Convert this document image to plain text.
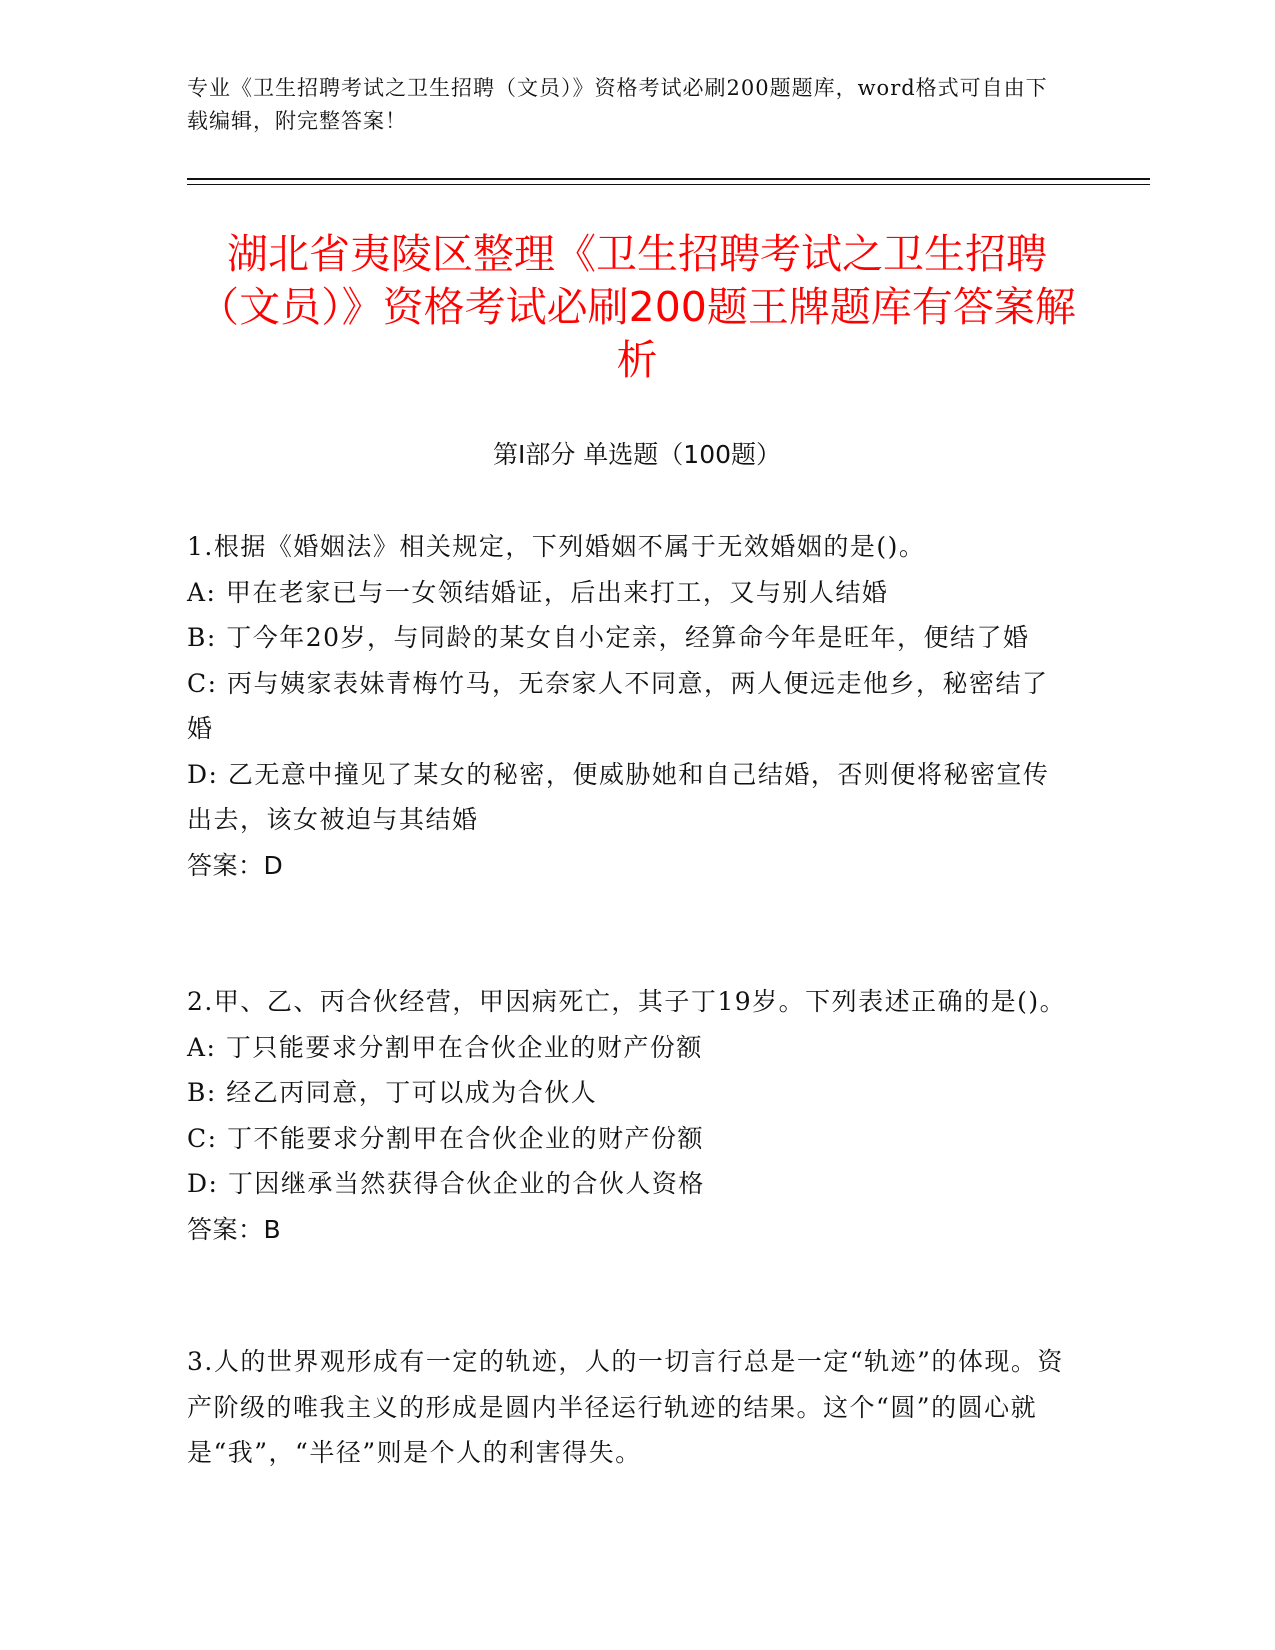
专业《卫生招聘考试之卫生招聘（文员）》资格考试必刷200题题库，word格式可自由下载编辑，附完整答案！
湖北省夷陵区整理《卫生招聘考试之卫生招聘（文员）》资格考试必刷200题王牌题库有答案解析
第Ⅰ部分 单选题（100题）

1.根据《婚姻法》相关规定，下列婚姻不属于无效婚姻的是()。

A: 甲在老家已与一女领结婚证，后出来打工，又与别人结婚

B: 丁今年20岁，与同龄的某女自小定亲，经算命今年是旺年，便结了婚

C: 丙与姨家表妹青梅竹马，无奈家人不同意，两人便远走他乡，秘密结了婚

D: 乙无意中撞见了某女的秘密，便威胁她和自己结婚，否则便将秘密宣传出去，该女被迫与其结婚

答案：D

2.甲、乙、丙合伙经营，甲因病死亡，其子丁19岁。下列表述正确的是()。

A: 丁只能要求分割甲在合伙企业的财产份额

B: 经乙丙同意，丁可以成为合伙人

C: 丁不能要求分割甲在合伙企业的财产份额

D: 丁因继承当然获得合伙企业的合伙人资格

答案：B

3.人的世界观形成有一定的轨迹，人的一切言行总是一定“轨迹”的体现。资产阶级的唯我主义的形成是圆内半径运行轨迹的结果。这个“圆”的圆心就是“我”，“半径”则是个人的利害得失。
